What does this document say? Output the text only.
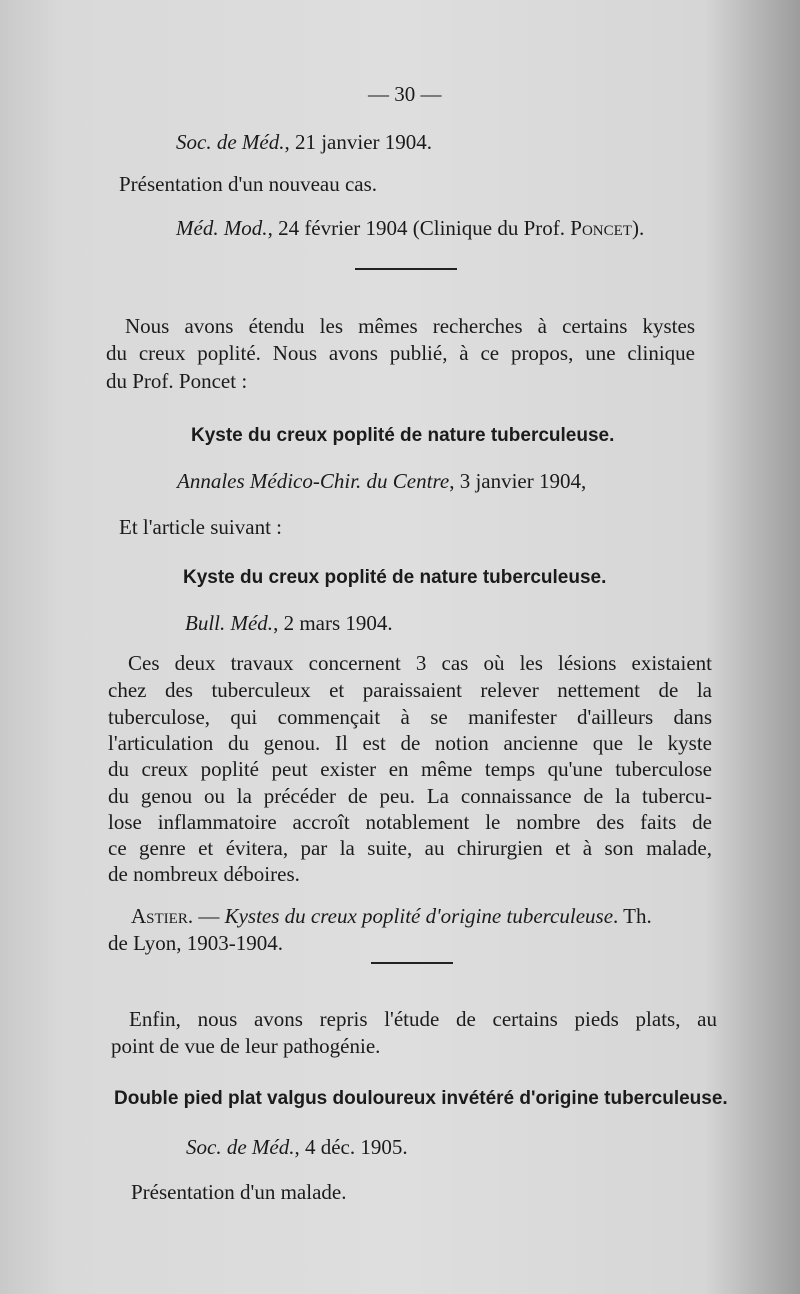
— 30 —
Soc. de Méd., 21 janvier 1904.
Présentation d'un nouveau cas.
Méd. Mod., 24 février 1904 (Clinique du Prof. Poncet).
Nous avons étendu les mêmes recherches à certains kystes
du creux poplité. Nous avons publié, à ce propos, une clinique
du Prof. Poncet :
Kyste du creux poplité de nature tuberculeuse.
Annales Médico-Chir. du Centre, 3 janvier 1904,
Et l'article suivant :
Kyste du creux poplité de nature tuberculeuse.
Bull. Méd., 2 mars 1904.
Ces deux travaux concernent 3 cas où les lésions existaient
chez des tuberculeux et paraissaient relever nettement de la
tuberculose, qui commençait à se manifester d'ailleurs dans
l'articulation du genou. Il est de notion ancienne que le kyste
du creux poplité peut exister en même temps qu'une tuberculose
du genou ou la précéder de peu. La connaissance de la tubercu-
lose inflammatoire accroît notablement le nombre des faits de
ce genre et évitera, par la suite, au chirurgien et à son malade,
de nombreux déboires.
Astier. — Kystes du creux poplité d'origine tuberculeuse. Th.
de Lyon, 1903-1904.
Enfin, nous avons repris l'étude de certains pieds plats, au
point de vue de leur pathogénie.
Double pied plat valgus douloureux invétéré d'origine tuberculeuse.
Soc. de Méd., 4 déc. 1905.
Présentation d'un malade.
